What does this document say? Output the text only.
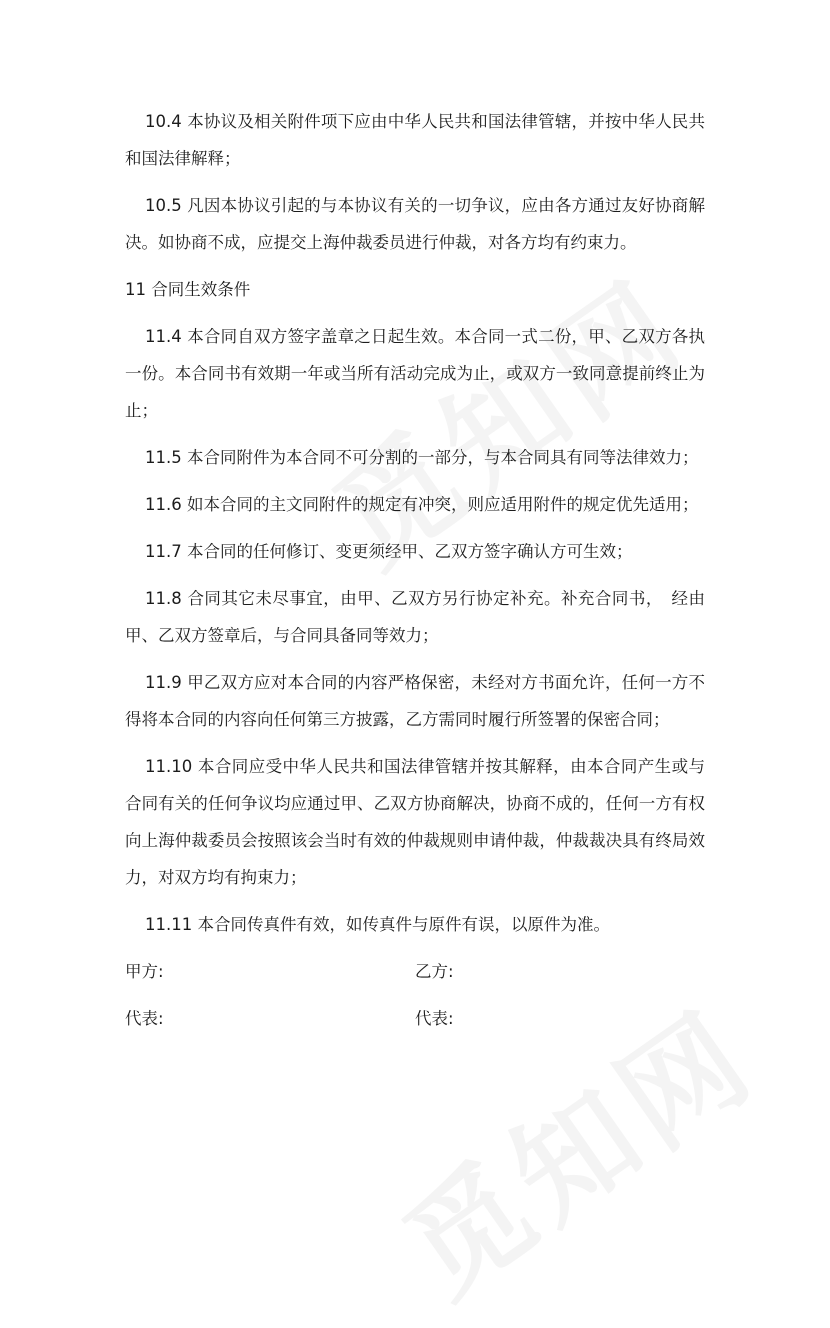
10.4 本协议及相关附件项下应由中华人民共和国法律管辖，并按中华人民共和国法律解释；

10.5 凡因本协议引起的与本协议有关的一切争议，应由各方通过友好协商解决。如协商不成，应提交上海仲裁委员进行仲裁，对各方均有约束力。

11 合同生效条件

11.4 本合同自双方签字盖章之日起生效。本合同一式二份，甲、乙双方各执一份。本合同书有效期一年或当所有活动完成为止，或双方一致同意提前终止为止；

11.5 本合同附件为本合同不可分割的一部分，与本合同具有同等法律效力；

11.6 如本合同的主文同附件的规定有冲突，则应适用附件的规定优先适用；

11.7 本合同的任何修订、变更须经甲、乙双方签字确认方可生效；

11.8 合同其它未尽事宜，由甲、乙双方另行协定补充。补充合同书，　经由甲、乙双方签章后，与合同具备同等效力；

11.9 甲乙双方应对本合同的内容严格保密，未经对方书面允许，任何一方不得将本合同的内容向任何第三方披露，乙方需同时履行所签署的保密合同；

11.10 本合同应受中华人民共和国法律管辖并按其解释，由本合同产生或与合同有关的任何争议均应通过甲、乙双方协商解决，协商不成的，任何一方有权向上海仲裁委员会按照该会当时有效的仲裁规则申请仲裁，仲裁裁决具有终局效力，对双方均有拘束力；

11.11 本合同传真件有效，如传真件与原件有误，以原件为准。

甲方:	乙方:
代表:	代表:
